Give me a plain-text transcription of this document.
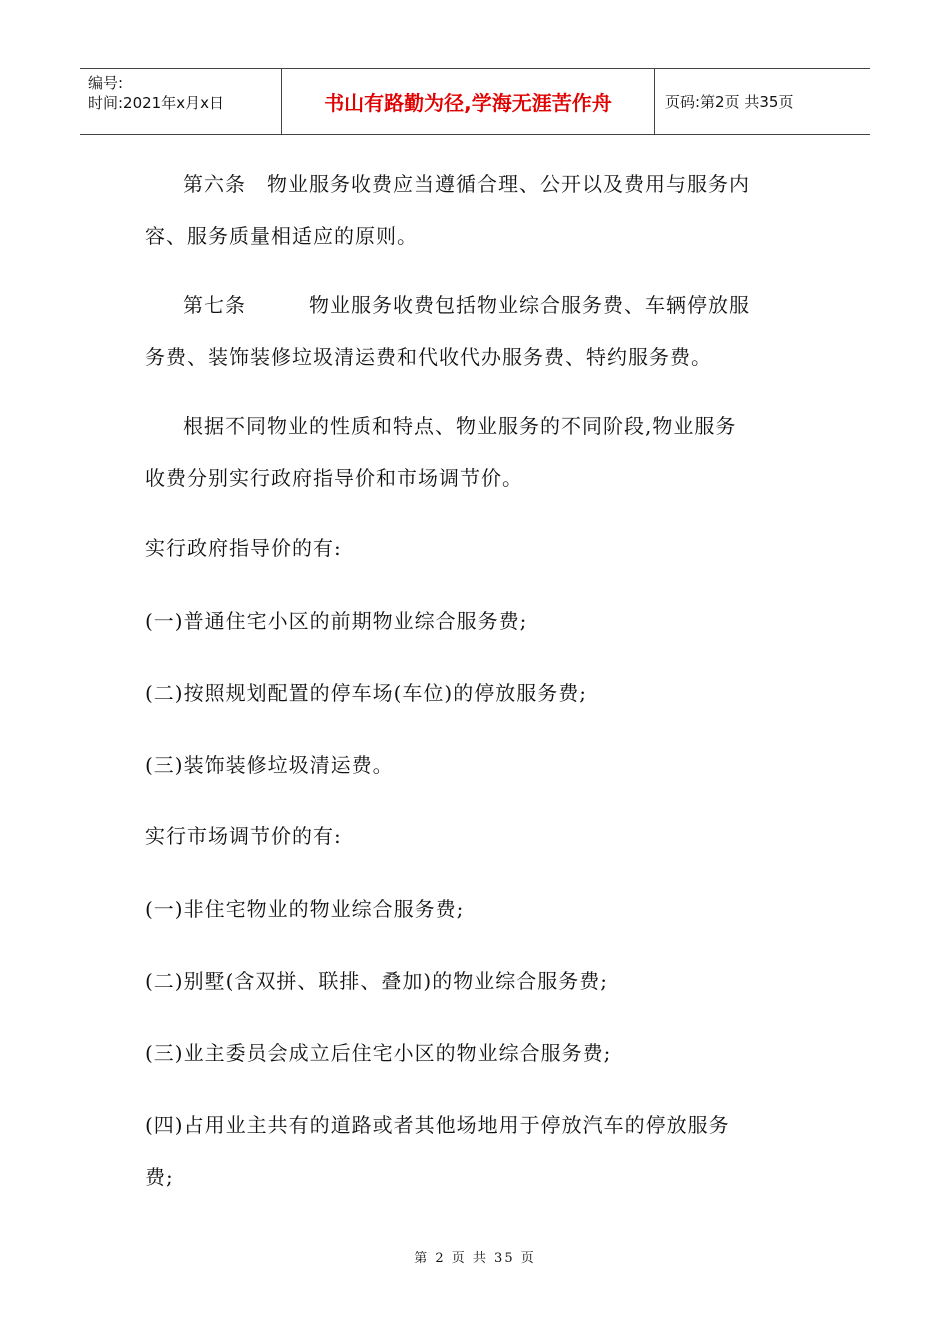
编号:
时间:2021年x月x日	书山有路勤为径,学海无涯苦作舟	页码:第2页 共35页

第六条　物业服务收费应当遵循合理、公开以及费用与服务内
容、服务质量相适应的原则。

第七条　　　物业服务收费包括物业综合服务费、车辆停放服
务费、装饰装修垃圾清运费和代收代办服务费、特约服务费。

根据不同物业的性质和特点、物业服务的不同阶段,物业服务
收费分别实行政府指导价和市场调节价。

实行政府指导价的有:

(一)普通住宅小区的前期物业综合服务费;

(二)按照规划配置的停车场(车位)的停放服务费;

(三)装饰装修垃圾清运费。

实行市场调节价的有:

(一)非住宅物业的物业综合服务费;

(二)别墅(含双拼、联排、叠加)的物业综合服务费;

(三)业主委员会成立后住宅小区的物业综合服务费;

(四)占用业主共有的道路或者其他场地用于停放汽车的停放服务
费;

第 2 页 共 35 页
